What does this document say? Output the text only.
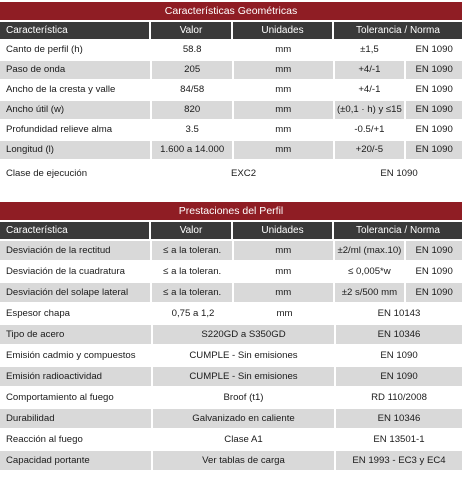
Características Geométricas
Característica	Valor	Unidades	Tolerancia / Norma
Canto de perfil (h)	58.8	mm	±1,5	EN 1090
Paso de onda	205	mm	+4/-1	EN 1090
Ancho de la cresta y valle	84/58	mm	+4/-1	EN 1090
Ancho útil (w)	820	mm	(±0,1 · h) y ≤15	EN 1090
Profundidad relieve alma	3.5	mm	-0.5/+1	EN 1090
Longitud (l)	1.600 a 14.000	mm	+20/-5	EN 1090
Clase de ejecución	EXC2	EN 1090
Prestaciones del Perfil
Característica	Valor	Unidades	Tolerancia / Norma
Desviación de la rectitud	≤ a la toleran.	mm	±2/ml (max.10)	EN 1090
Desviación de la cuadratura	≤ a la toleran.	mm	≤ 0,005*w	EN 1090
Desviación del solape lateral	≤ a la toleran.	mm	±2 s/500 mm	EN 1090
Espesor chapa	0,75 a 1,2	mm	EN 10143
Tipo de acero	S220GD a S350GD	EN 10346
Emisión cadmio y compuestos	CUMPLE - Sin emisiones	EN 1090
Emisión radioactividad	CUMPLE - Sin emisiones	EN 1090
Comportamiento al fuego	Broof (t1)	RD 110/2008
Durabilidad	Galvanizado en caliente	EN 10346
Reacción al fuego	Clase A1	EN 13501-1
Capacidad portante	Ver tablas de carga	EN 1993 - EC3 y EC4
